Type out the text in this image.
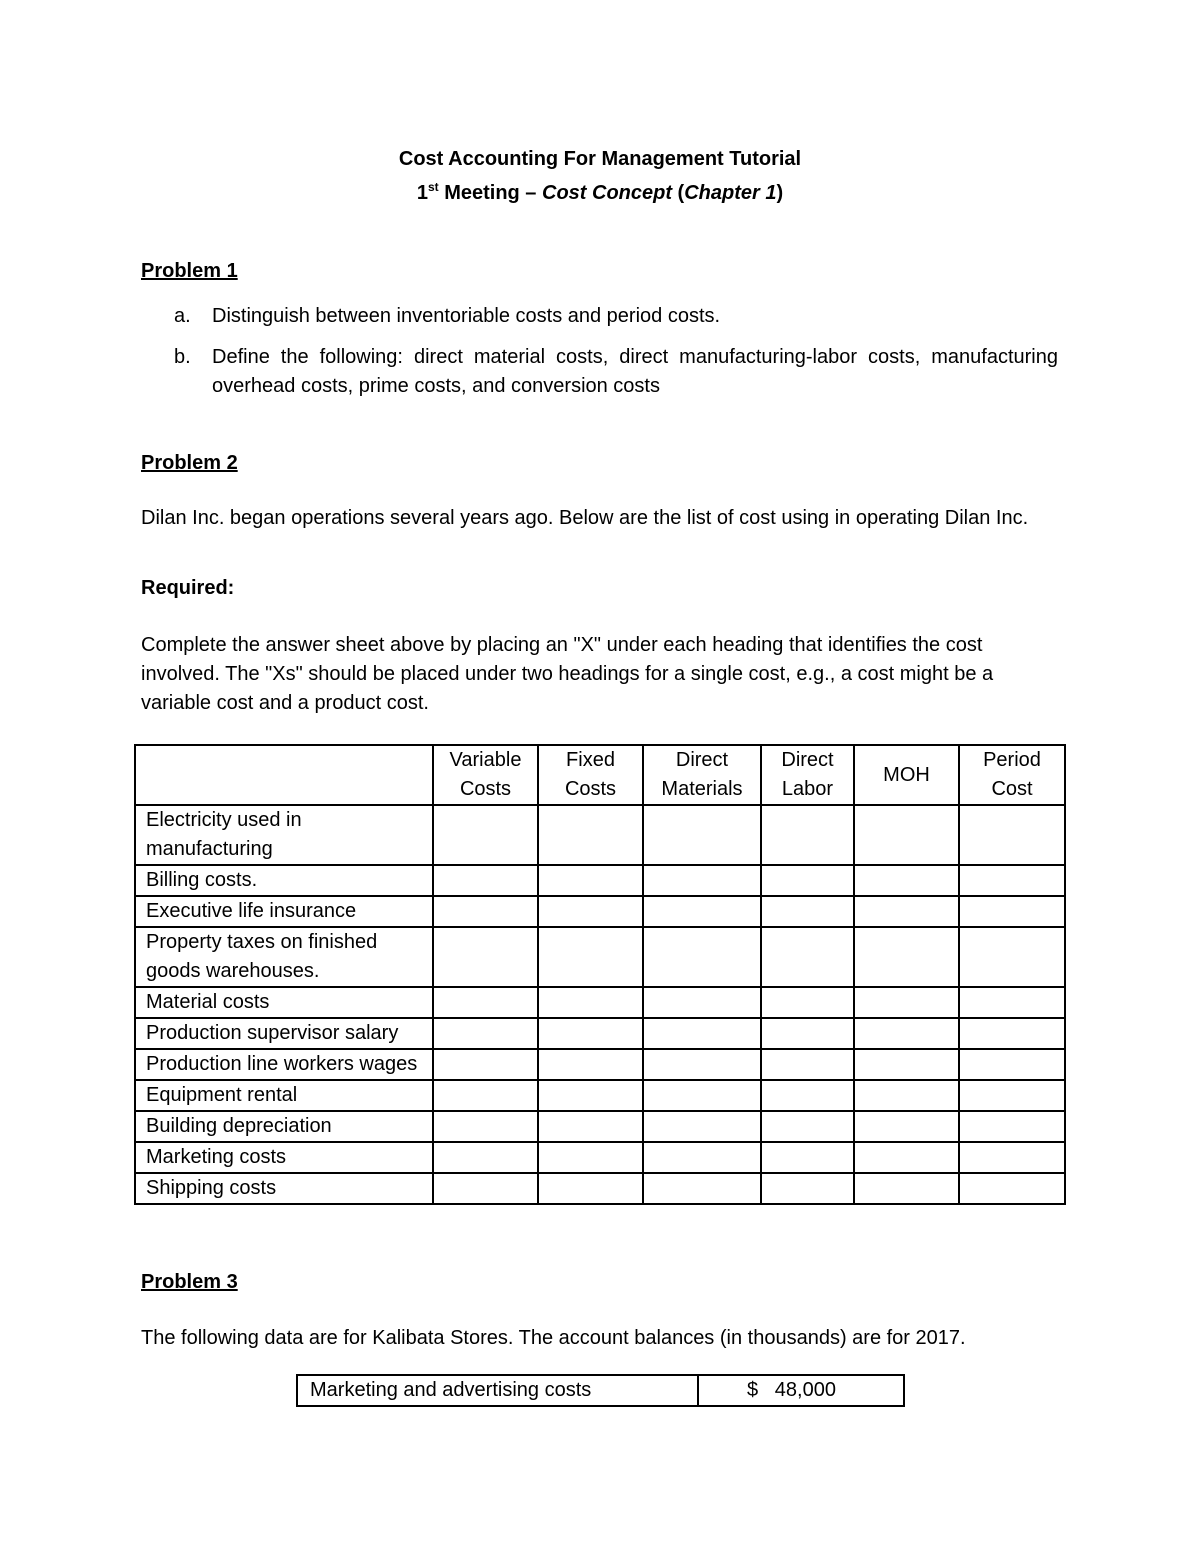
Cost Accounting For Management Tutorial
1st Meeting – Cost Concept (Chapter 1)
Problem 1
a. Distinguish between inventoriable costs and period costs.
b. Define the following: direct material costs, direct manufacturing-labor costs, manufacturing overhead costs, prime costs, and conversion costs
Problem 2
Dilan Inc. began operations several years ago. Below are the list of cost using in operating Dilan Inc.
Required:
Complete the answer sheet above by placing an "X" under each heading that identifies the cost involved. The "Xs" should be placed under two headings for a single cost, e.g., a cost might be a variable cost and a product cost.
	Variable Costs	Fixed Costs	Direct Materials	Direct Labor	MOH	Period Cost
Electricity used in manufacturing						
Billing costs.						
Executive life insurance						
Property taxes on finished goods warehouses.						
Material costs						
Production supervisor salary						
Production line workers wages						
Equipment rental						
Building depreciation						
Marketing costs						
Shipping costs						
Problem 3
The following data are for Kalibata Stores. The account balances (in thousands) are for 2017.
Marketing and advertising costs	$   48,000
